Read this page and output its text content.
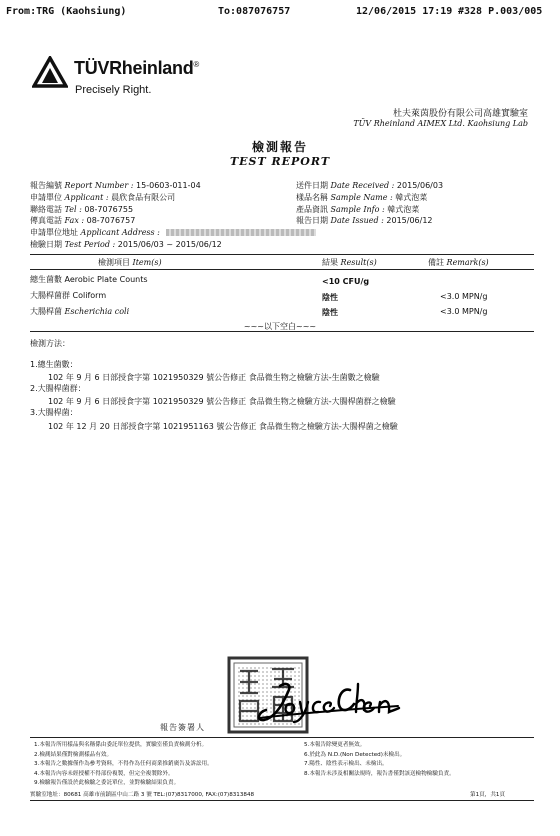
From:TRG (Kaohsiung)	To:087076757	12/06/2015 17:19 #328 P.003/005
TÜVRheinland®
Precisely Right.
杜夫萊茵股份有限公司高雄實驗室
TÜV Rheinland AIMEX Ltd. Kaohsiung Lab
檢測報告
TEST REPORT
報告編號 Report Number : 15-0603-011-04
申請單位 Applicant : 晨欣食品有限公司
聯絡電話 Tel : 08-7076755
傳真電話 Fax : 08-7076757
申請單位地址 Applicant Address :
檢驗日期 Test Period : 2015/06/03 ~ 2015/06/12
送件日期 Date Received : 2015/06/03
樣品名稱 Sample Name : 韓式泡菜
產品資訊 Sample Info : 韓式泡菜
報告日期 Date Issued : 2015/06/12
檢測項目 Item(s)	結果 Result(s)	備註 Remark(s)
總生菌數 Aerobic Plate Counts	<10 CFU/g
大腸桿菌群 Coliform	陰性	<3.0 MPN/g
大腸桿菌 Escherichia coli	陰性	<3.0 MPN/g
~~~以下空白~~~
檢測方法：
1.總生菌數：
102 年 9 月 6 日部授食字第 1021950329 號公告修正 食品微生物之檢驗方法-生菌數之檢驗
2.大腸桿菌群：
102 年 9 月 6 日部授食字第 1021950329 號公告修正 食品微生物之檢驗方法-大腸桿菌群之檢驗
3.大腸桿菌：
102 年 12 月 20 日部授食字第 1021951163 號公告修正 食品微生物之檢驗方法-大腸桿菌之檢驗
報告簽署人
1.本報告所用樣品與名稱係由委託單位提供，實驗室僅負責檢測分析。
2.檢測結果僅對檢測樣品有效。
3.本報告之數據僅作為參考資料，不得作為任何商業推銷廣告及訴訟用。
4.本報告內容未經授權不得部份複製，但完全複製除外。
9.檢驗報告僅設於此檢驗之委託單位，並對檢驗結果負責。
5.本報告除變更者無效。
6.於此為 N.D.(Non Detected)未檢出。
7.陽性、陰性表示檢出、未檢出。
8.本報告未涉及相關法規時，報告書僅對該送檢物檢驗負責。
實驗室地址：80681 高雄市前鎮區中山二路 3 號 TEL:(07)8317000, FAX:(07)8313848	第1頁，共1頁
